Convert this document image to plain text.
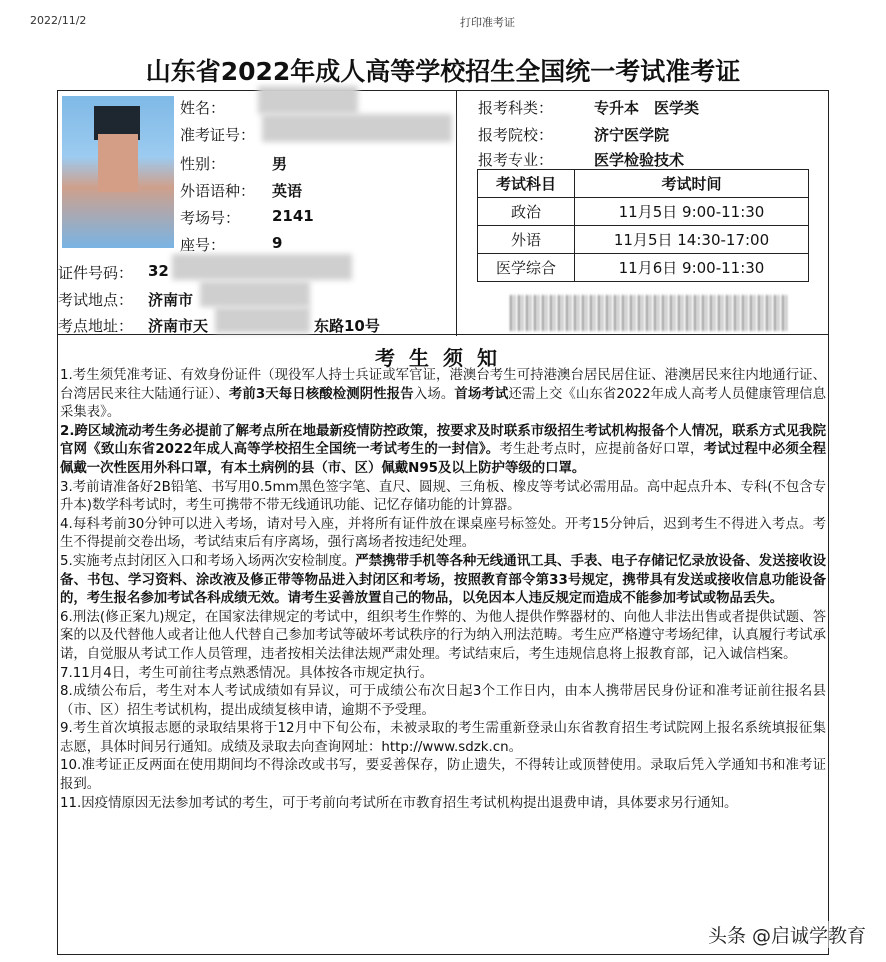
2022/11/2	打印准考证
山东省2022年成人高等学校招生全国统一考试准考证
姓名：
准考证号：
性别：	男
外语语种： 英语
考场号： 2141
座号：	9
证件号码： 32
考试地点： 济南市
考点地址： 济南市天	东路10号
报考科类：	专升本　医学类
报考院校：	济宁医学院
报考专业：	医学检验技术
考试科目	考试时间
政治	11月5日 9:00-11:30
外语	11月5日 14:30-17:00
医学综合	11月6日 9:00-11:30
考生须知

1.考生须凭准考证、有效身份证件（现役军人持士兵证或军官证，港澳台考生可持港澳台居民居住证、港澳居民来往内地通行证、台湾居民来往大陆通行证）、考前3天每日核酸检测阴性报告入场。首场考试还需上交《山东省2022年成人高考人员健康管理信息采集表》。

2.跨区域流动考生务必提前了解考点所在地最新疫情防控政策，按要求及时联系市级招生考试机构报备个人情况，联系方式见我院官网《致山东省2022年成人高等学校招生全国统一考试考生的一封信》。考生赴考点时，应提前备好口罩，考试过程中必须全程佩戴一次性医用外科口罩，有本土病例的县（市、区）佩戴N95及以上防护等级的口罩。

3.考前请准备好2B铅笔、书写用0.5mm黑色签字笔、直尺、圆规、三角板、橡皮等考试必需用品。高中起点升本、专科(不包含专升本)数学科考试时，考生可携带不带无线通讯功能、记忆存储功能的计算器。

4.每科考前30分钟可以进入考场，请对号入座，并将所有证件放在课桌座号标签处。开考15分钟后，迟到考生不得进入考点。考生不得提前交卷出场，考试结束后有序离场，强行离场者按违纪处理。

5.实施考点封闭区入口和考场入场两次安检制度。严禁携带手机等各种无线通讯工具、手表、电子存储记忆录放设备、发送接收设备、书包、学习资料、涂改液及修正带等物品进入封闭区和考场，按照教育部令第33号规定，携带具有发送或接收信息功能设备的，考生报名参加考试各科成绩无效。请考生妥善放置自己的物品，以免因本人违反规定而造成不能参加考试或物品丢失。

6.刑法(修正案九)规定，在国家法律规定的考试中，组织考生作弊的、为他人提供作弊器材的、向他人非法出售或者提供试题、答案的以及代替他人或者让他人代替自己参加考试等破坏考试秩序的行为纳入刑法范畴。考生应严格遵守考场纪律，认真履行考试承诺，自觉服从考试工作人员管理，违者按相关法律法规严肃处理。考试结束后，考生违规信息将上报教育部，记入诚信档案。

7.11月4日，考生可前往考点熟悉情况。具体按各市规定执行。

8.成绩公布后，考生对本人考试成绩如有异议，可于成绩公布次日起3个工作日内，由本人携带居民身份证和准考证前往报名县（市、区）招生考试机构，提出成绩复核申请，逾期不予受理。

9.考生首次填报志愿的录取结果将于12月中下旬公布，未被录取的考生需重新登录山东省教育招生考试院网上报名系统填报征集志愿，具体时间另行通知。成绩及录取去向查询网址：http://www.sdzk.cn。

10.准考证正反两面在使用期间均不得涂改或书写，要妥善保存，防止遗失，不得转让或顶替使用。录取后凭入学通知书和准考证报到。

11.因疫情原因无法参加考试的考生，可于考前向考试所在市教育招生考试机构提出退费申请，具体要求另行通知。

头条 @启诚学教育
